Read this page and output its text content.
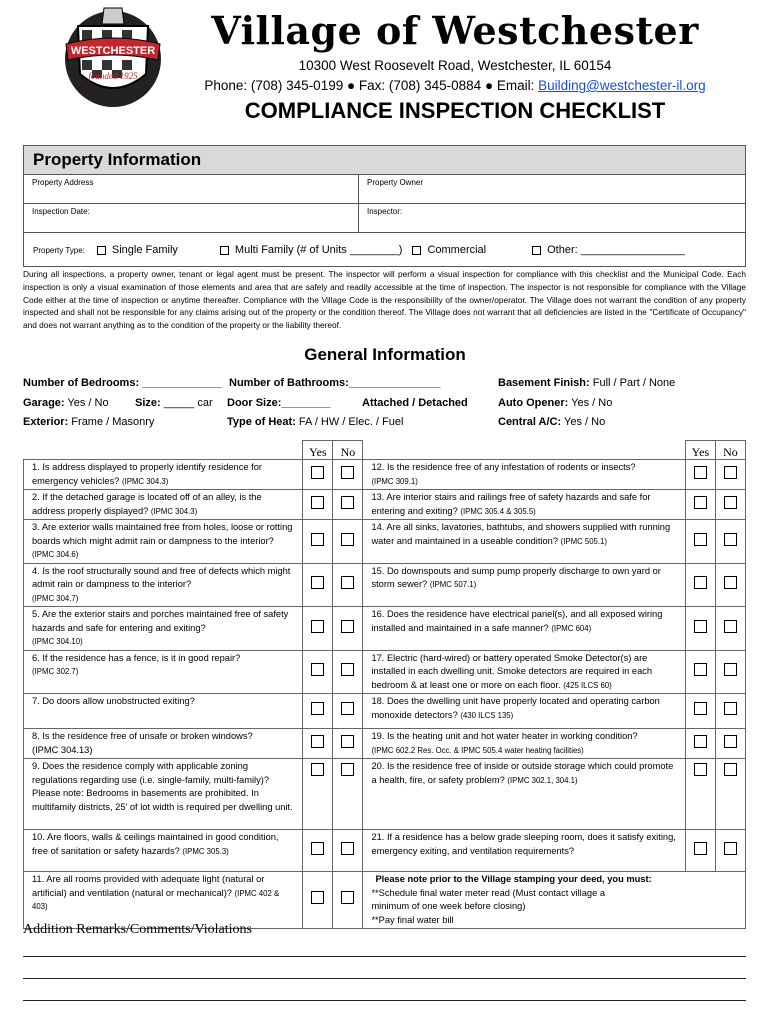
WESTCHESTER
founded 1925
Village of Westchester
10300 West Roosevelt Road, Westchester, IL 60154
Phone: (708) 345-0199 ● Fax: (708) 345-0884 ● Email: Building@westchester-il.org
COMPLIANCE INSPECTION CHECKLIST
Property Information
Property Address	Property Owner
Inspection Date:	Inspector:
Property Type: Single Family	Multi Family (# of Units ________) Commercial	Other: _________________
During all inspections, a property owner, tenant or legal agent must be present. The inspector will perform a visual inspection for compliance with this checklist and the Municipal Code. Each inspection is only a visual examination of those elements and area that are safely and readily accessible at the time of inspection. The inspector is not responsible for compliance with the Village Code either at the time of inspection or anytime thereafter. Compliance with the Village Code is the responsibility of the owner/operator. The Village does not warrant the condition of any property inspected and shall not be responsible for any claims arising out of the property or the condition thereof. The Village does not warrant that all deficiencies are listed in the "Certificate of Occupancy" and does not warrant anything as to the condition of the property or the liability thereof.
General Information
Number of Bedrooms: _____________ Number of Bathrooms:_______________	Basement Finish: Full / Part / None
Garage: Yes / No Size: _____ car Door Size:________	Attached / Detached	Auto Opener: Yes / No
Exterior: Frame / Masonry	Type of Heat: FA / HW / Elec. / Fuel	Central A/C: Yes / No
	Yes	No		Yes	No
1. Is address displayed to properly identify residence for emergency vehicles? (IPMC 304.3)			12. Is the residence free of any infestation of rodents or insects?
(IPMC 309.1)		
2. If the detached garage is located off of an alley, is the address properly displayed? (IPMC 304.3)			13. Are interior stairs and railings free of safety hazards and safe for entering and exiting? (IPMC 305.4 & 305.5)		
3. Are exterior walls maintained free from holes, loose or rotting boards which might admit rain or dampness to the interior? (IPMC 304.6)			14. Are all sinks, lavatories, bathtubs, and showers supplied with running water and maintained in a useable condition? (IPMC 505.1)		
4. Is the roof structurally sound and free of defects which might admit rain or dampness to the interior?
(IPMC 304.7)			15. Do downspouts and sump pump properly discharge to own yard or storm sewer? (IPMC 507.1)		
5. Are the exterior stairs and porches maintained free of safety hazards and safe for entering and exiting?
(IPMC 304.10)			16. Does the residence have electrical panel(s), and all exposed wiring installed and maintained in a safe manner? (IPMC 604)		
6. If the residence has a fence, is it in good repair?
(IPMC 302.7)			17. Electric (hard-wired) or battery operated Smoke Detector(s) are installed in each dwelling unit. Smoke detectors are required in each bedroom & at least one or more on each floor. (425 ILCS 60)		
7. Do doors allow unobstructed exiting?			18. Does the dwelling unit have properly located and operating carbon monoxide detectors? (430 ILCS 135)		
8. Is the residence free of unsafe or broken windows?
(IPMC 304.13)			19. Is the heating unit and hot water heater in working condition?
(IPMC 602.2 Res. Occ. & IPMC 505.4 water heating facilities)		
9. Does the residence comply with applicable zoning regulations regarding use (i.e. single-family, multi-family)? Please note: Bedrooms in basements are prohibited. In multifamily districts, 25' of lot width is required per dwelling unit.			20. Is the residence free of inside or outside storage which could promote a health, fire, or safety problem? (IPMC 302.1, 304.1)		
10. Are floors, walls & ceilings maintained in good condition, free of sanitation or safety hazards? (IPMC 305.3)			21. If a residence has a below grade sleeping room, does it satisfy exiting, emergency exiting, and ventilation requirements?		
11. Are all rooms provided with adequate light (natural or artificial) and ventilation (natural or mechanical)? (IPMC 402 & 403)			Please note prior to the Village stamping your deed, you must:
**Schedule final water meter read (Must contact village a minimum of one week before closing)
**Pay final water bill		
Addition Remarks/Comments/Violations
